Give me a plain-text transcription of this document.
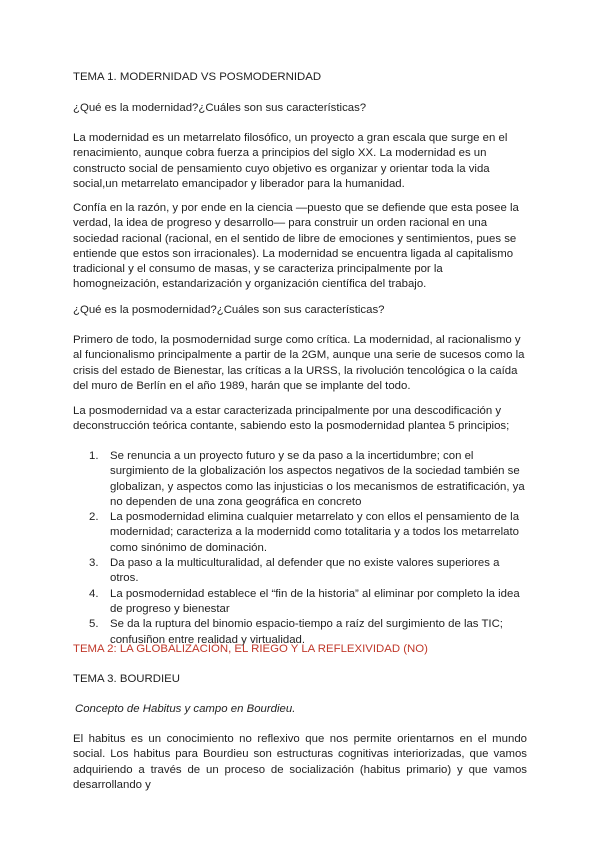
TEMA 1. MODERNIDAD VS POSMODERNIDAD

¿Qué es la modernidad?¿Cuáles son sus características?

La modernidad es un metarrelato filosófico, un proyecto a gran escala que surge en el renacimiento, aunque cobra fuerza a principios del siglo XX. La modernidad es un constructo social de pensamiento cuyo objetivo es organizar y orientar toda la vida social,un metarrelato emancipador y liberador para la humanidad.

Confía en la razón, y por ende en la ciencia —puesto que se defiende que esta posee la verdad, la idea de progreso y desarrollo— para construir un orden racional en una sociedad racional (racional, en el sentido de libre de emociones y sentimientos, pues se entiende que estos son irracionales). La modernidad se encuentra ligada al capitalismo tradicional y el consumo de masas, y se caracteriza principalmente por la homogneización, estandarización y organización científica del trabajo.

¿Qué es la posmodernidad?¿Cuáles son sus características?

Primero de todo, la posmodernidad surge como crítica. La modernidad, al racionalismo y al funcionalismo principalmente a partir de la 2GM, aunque una serie de sucesos como la crisis del estado de Bienestar, las críticas a la URSS, la rivolución tencológica o la caída del muro de Berlín en el año 1989, harán que se implante del todo.

La posmodernidad va a estar caracterizada principalmente por una descodificación y deconstrucción teórica contante, sabiendo esto la posmodernidad plantea 5 principios;

1. Se renuncia a un proyecto futuro y se da paso a la incertidumbre; con el surgimiento de la globalización los aspectos negativos de la sociedad también se globalizan, y aspectos como las injusticias o los mecanismos de estratificación, ya no dependen de una zona geográfica en concreto
2. La posmodernidad elimina cualquier metarrelato y con ellos el pensamiento de la modernidad; caracteriza a la modernidd como totalitaria y a todos los metarrelato como sinónimo de dominación.
3. Da paso a la multiculturalidad, al defender que no existe valores superiores a otros.
4. La posmodernidad establece el “fin de la historia” al eliminar por completo la idea de progreso y bienestar
5. Se da la ruptura del binomio espacio-tiempo a raíz del surgimiento de las TIC; confusiñon entre realidad y virtualidad.

TEMA 2: LA GLOBALIZACIÓN, EL RIEGO Y LA REFLEXIVIDAD (NO)

TEMA 3. BOURDIEU

Concepto de Habitus y campo en Bourdieu.

El habitus es un conocimiento no reflexivo que nos permite orientarnos en el mundo social. Los habitus para Bourdieu son estructuras cognitivas interiorizadas, que vamos adquiriendo a través de un proceso de socialización (habitus primario) y que vamos desarrollando y
